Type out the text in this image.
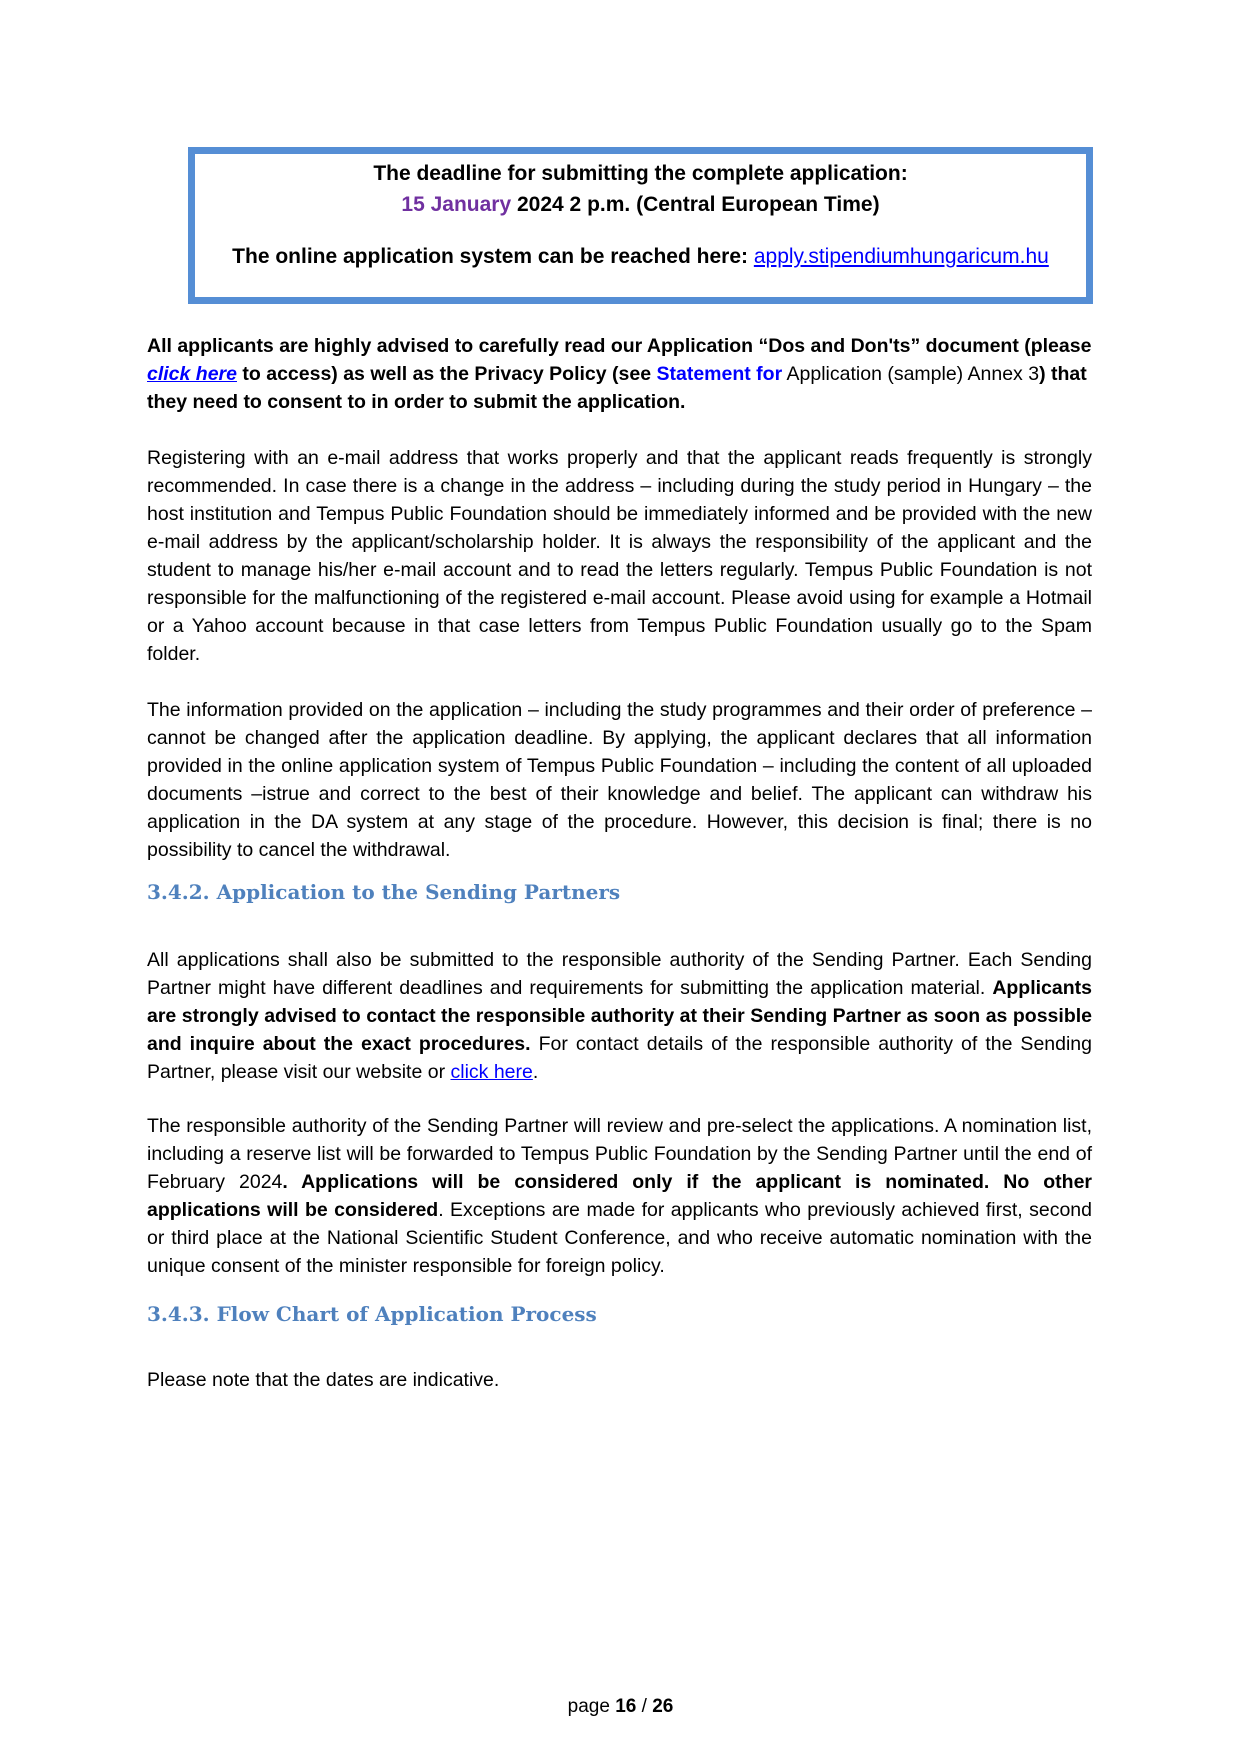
The deadline for submitting the complete application:
15 January 2024 2 p.m. (Central European Time)
The online application system can be reached here: apply.stipendiumhungaricum.hu
All applicants are highly advised to carefully read our Application “Dos and Don'ts” document (please click here to access) as well as the Privacy Policy (see Statement for Application (sample) Annex 3) that they need to consent to in order to submit the application.
Registering with an e-mail address that works properly and that the applicant reads frequently is strongly recommended. In case there is a change in the address – including during the study period in Hungary – the host institution and Tempus Public Foundation should be immediately informed and be provided with the new e-mail address by the applicant/scholarship holder. It is always the responsibility of the applicant and the student to manage his/her e-mail account and to read the letters regularly. Tempus Public Foundation is not responsible for the malfunctioning of the registered e-mail account. Please avoid using for example a Hotmail or a Yahoo account because in that case letters from Tempus Public Foundation usually go to the Spam folder.
The information provided on the application – including the study programmes and their order of preference – cannot be changed after the application deadline. By applying, the applicant declares that all information provided in the online application system of Tempus Public Foundation – including the content of all uploaded documents –istrue and correct to the best of their knowledge and belief. The applicant can withdraw his application in the DA system at any stage of the procedure. However, this decision is final; there is no possibility to cancel the withdrawal.
3.4.2. Application to the Sending Partners
All applications shall also be submitted to the responsible authority of the Sending Partner. Each Sending Partner might have different deadlines and requirements for submitting the application material. Applicants are strongly advised to contact the responsible authority at their Sending Partner as soon as possible and inquire about the exact procedures. For contact details of the responsible authority of the Sending Partner, please visit our website or click here.
The responsible authority of the Sending Partner will review and pre-select the applications. A nomination list, including a reserve list will be forwarded to Tempus Public Foundation by the Sending Partner until the end of February 2024. Applications will be considered only if the applicant is nominated. No other applications will be considered. Exceptions are made for applicants who previously achieved first, second or third place at the National Scientific Student Conference, and who receive automatic nomination with the unique consent of the minister responsible for foreign policy.
3.4.3. Flow Chart of Application Process
Please note that the dates are indicative.
page 16 / 26
